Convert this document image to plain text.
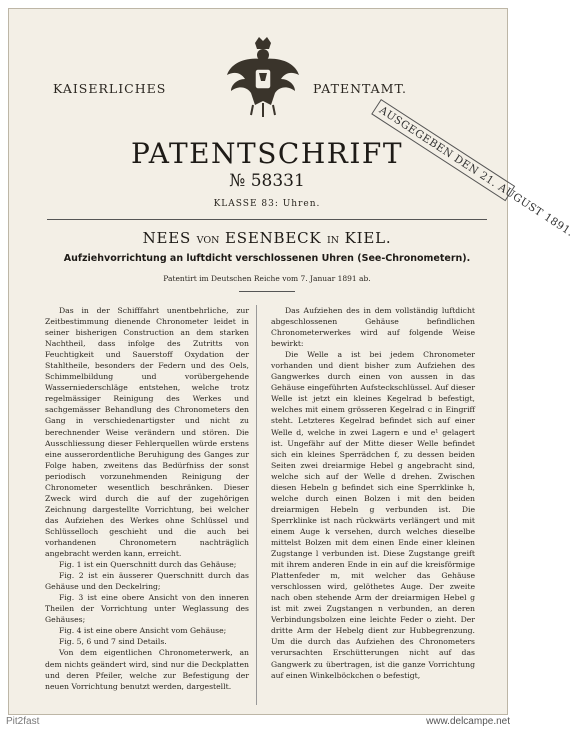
KAISERLICHES	PATENTAMT.
AUSGEGEBEN DEN 21. AUGUST 1891.
PATENTSCHRIFT
№ 58331
KLASSE 83: Uhren.
NEES VON ESENBECK IN KIEL.
Aufziehvorrichtung an luftdicht verschlossenen Uhren (See-Chronometern).
Patentirt im Deutschen Reiche vom 7. Januar 1891 ab.

Das in der Schifffahrt unentbehrliche, zur Zeitbestimmung dienende Chronometer leidet in seiner bisherigen Construction an dem starken Nachtheil, dass infolge des Zutritts von Feuchtigkeit und Sauerstoff Oxydation der Stahltheile, besonders der Federn und des Oels, Schimmelbildung und vorübergehende Wasserniederschläge entstehen, welche trotz regelmässiger Reinigung des Werkes und sachgemässer Behandlung des Chronometers den Gang in verschiedenartigster und nicht zu berechnender Weise verändern und stören. Die Ausschliessung dieser Fehlerquellen würde erstens eine ausserordentliche Beruhigung des Ganges zur Folge haben, zweitens das Bedürfniss der sonst periodisch vorzunehmenden Reinigung der Chronometer wesentlich beschränken. Dieser Zweck wird durch die auf der zugehörigen Zeichnung dargestellte Vorrichtung, bei welcher das Aufziehen des Werkes ohne Schlüssel und Schlüsselloch geschieht und die auch bei vorhandenen Chronometern nachträglich angebracht werden kann, erreicht.

Fig. 1 ist ein Querschnitt durch das Gehäuse;

Fig. 2 ist ein äusserer Querschnitt durch das Gehäuse und den Deckelring;

Fig. 3 ist eine obere Ansicht von den inneren Theilen der Vorrichtung unter Weglassung des Gehäuses;

Fig. 4 ist eine obere Ansicht vom Gehäuse;

Fig. 5, 6 und 7 sind Details.

Von dem eigentlichen Chronometerwerk, an dem nichts geändert wird, sind nur die Deckplatten und deren Pfeiler, welche zur Befestigung der neuen Vorrichtung benutzt werden, dargestellt.

Das Aufziehen des in dem vollständig luftdicht abgeschlossenen Gehäuse befindlichen Chronometerwerkes wird auf folgende Weise bewirkt:

Die Welle a ist bei jedem Chronometer vorhanden und dient bisher zum Aufziehen des Gangwerkes durch einen von aussen in das Gehäuse eingeführten Aufsteckschlüssel. Auf dieser Welle ist jetzt ein kleines Kegelrad b befestigt, welches mit einem grösseren Kegelrad c in Eingriff steht. Letzteres Kegelrad befindet sich auf einer Welle d, welche in zwei Lagern e und e¹ gelagert ist. Ungefähr auf der Mitte dieser Welle befindet sich ein kleines Sperrädchen f, zu dessen beiden Seiten zwei dreiarmige Hebel g angebracht sind, welche sich auf der Welle d drehen. Zwischen diesen Hebeln g befindet sich eine Sperrklinke h, welche durch einen Bolzen i mit den beiden dreiarmigen Hebeln g verbunden ist. Die Sperrklinke ist nach rückwärts verlängert und mit einem Auge k versehen, durch welches dieselbe mittelst Bolzen mit dem einen Ende einer kleinen Zugstange l verbunden ist. Diese Zugstange greift mit ihrem anderen Ende in ein auf die kreisförmige Plattenfeder m, mit welcher das Gehäuse verschlossen wird, gelöthetes Auge. Der zweite nach oben stehende Arm der dreiarmigen Hebel g ist mit zwei Zugstangen n verbunden, an deren Verbindungsbolzen eine leichte Feder o zieht. Der dritte Arm der Hebelg dient zur Hubbegrenzung. Um die durch das Aufziehen des Chronometers verursachten Erschütterungen nicht auf das Gangwerk zu übertragen, ist die ganze Vorrichtung auf einen Winkelböckchen o befestigt,

Pit2fast	www.delcampe.net
